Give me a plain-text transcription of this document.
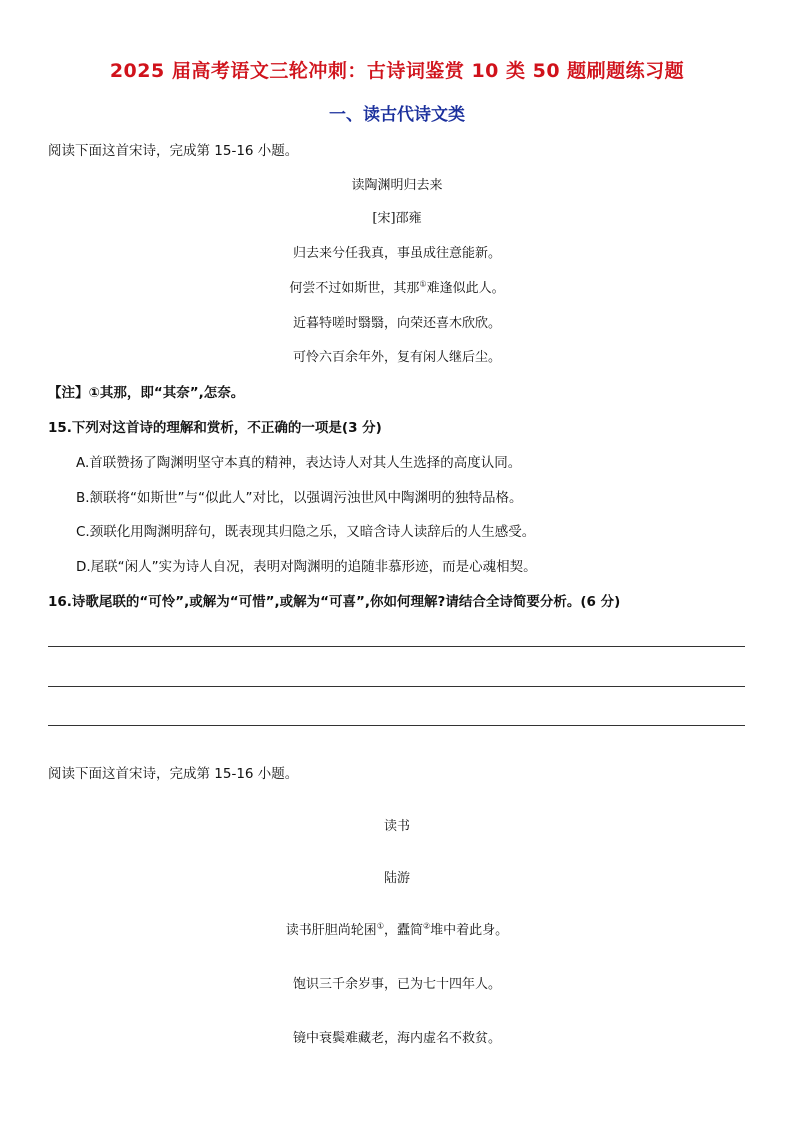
2025 届高考语文三轮冲刺：古诗词鉴赏 10 类 50 题刷题练习题
一、读古代诗文类
阅读下面这首宋诗，完成第 15-16 小题。
读陶渊明归去来
[宋]邵雍
归去来兮任我真，事虽成往意能新。
何尝不过如斯世，其那①难逢似此人。
近暮特嗟时翳翳，向荣还喜木欣欣。
可怜六百余年外，复有闲人继后尘。
【注】①其那，即“其奈”,怎奈。
15.下列对这首诗的理解和赏析，不正确的一项是(3 分)
A.首联赞扬了陶渊明坚守本真的精神，表达诗人对其人生选择的高度认同。
B.颔联将“如斯世”与“似此人”对比，以强调污浊世风中陶渊明的独特品格。
C.颈联化用陶渊明辞句，既表现其归隐之乐，又暗含诗人读辞后的人生感受。
D.尾联“闲人”实为诗人自况，表明对陶渊明的追随非慕形迹，而是心魂相契。
16.诗歌尾联的“可怜”,或解为“可惜”,或解为“可喜”,你如何理解?请结合全诗简要分析。(6 分)
阅读下面这首宋诗，完成第 15-16 小题。
读书
陆游
读书肝胆尚轮囷①，蠹简②堆中着此身。
饱识三千余岁事，已为七十四年人。
镜中衰鬓难藏老，海内虚名不救贫。
